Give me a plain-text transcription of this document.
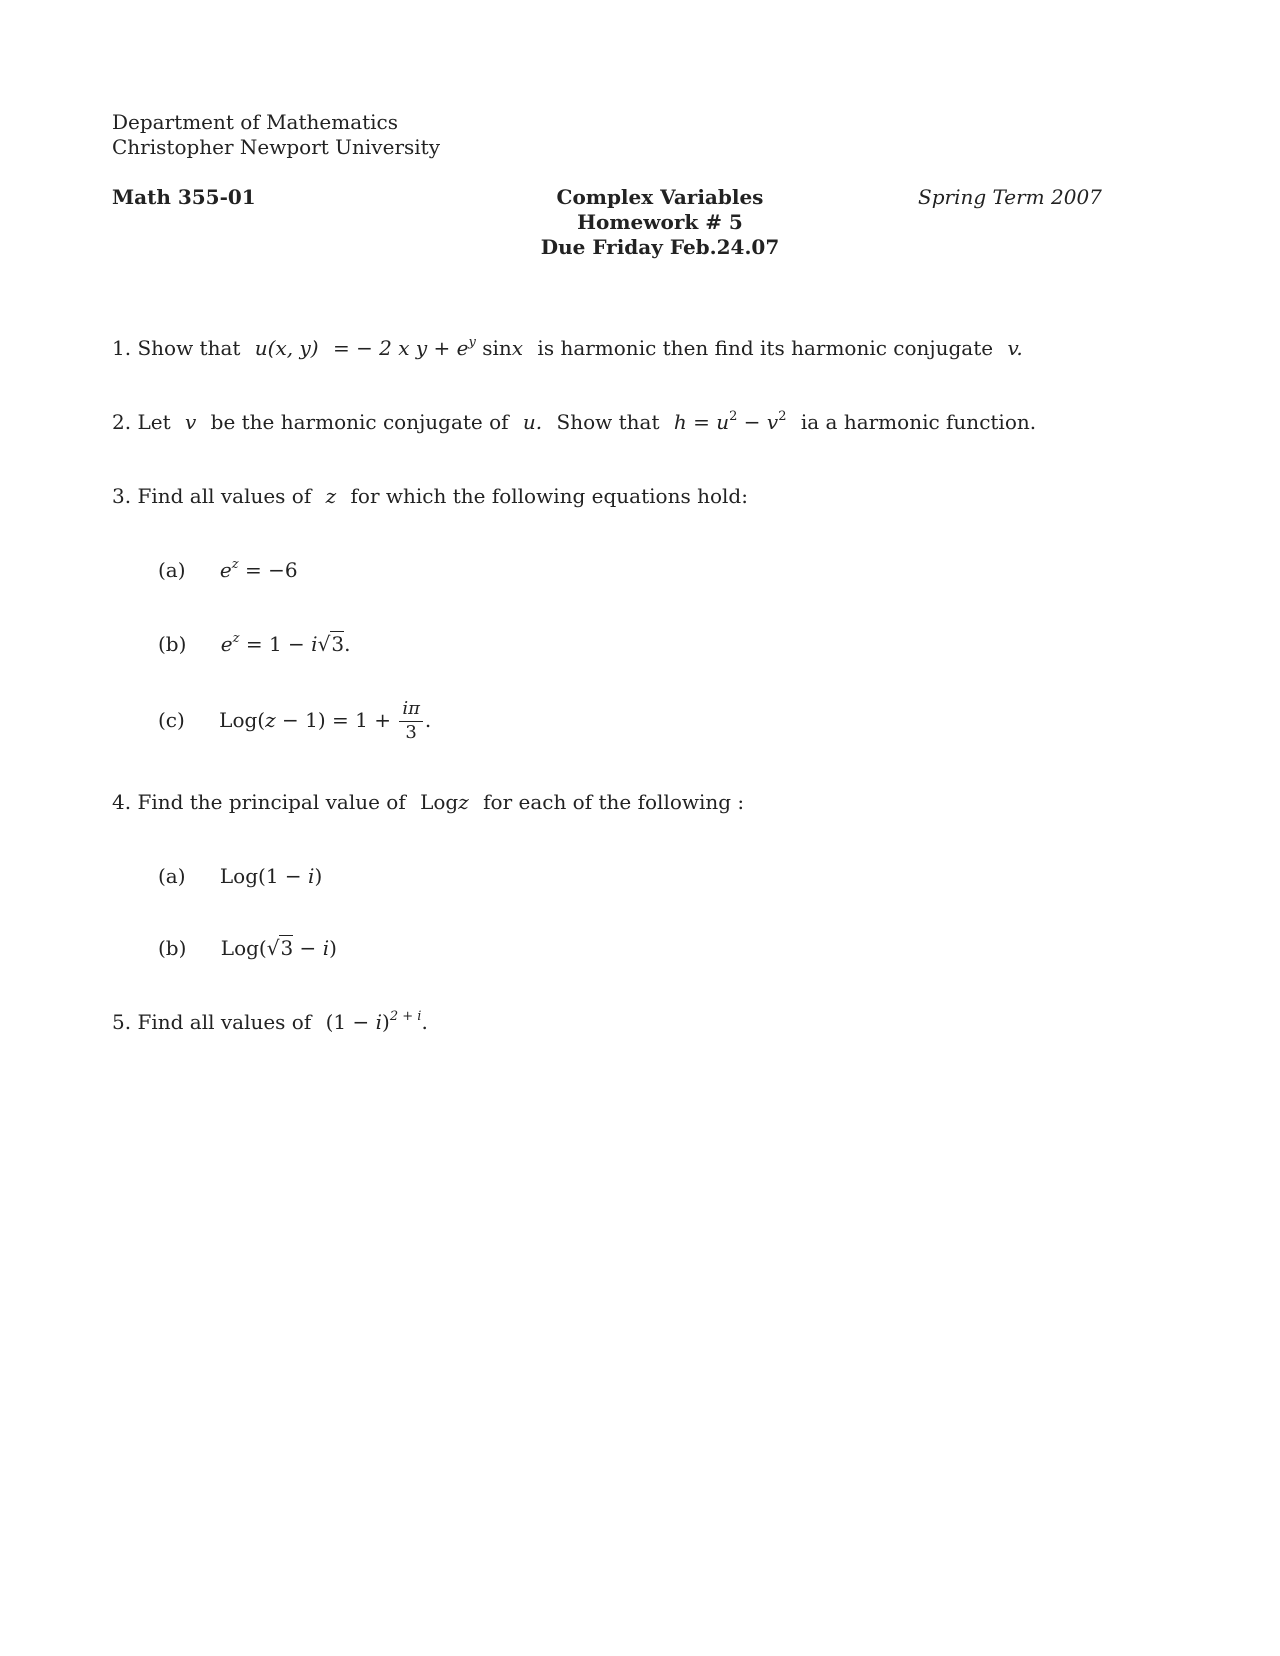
Department of Mathematics
Christopher Newport University
Math 355-01	Complex Variables
Homework # 5
Due Friday Feb.24.07
Spring Term 2007
1. Show that u(x, y) = − 2 x $y + e^y$ sinx is harmonic then find its harmonic conjugate v.
2. Let v be the harmonic conjugate of u. Show that $h = u^2 - v^2$ ia a harmonic function.
3. Find all values of z for which the following equations hold:
(a) $e^z = -6$
(b) $e^z = 1 - i√3$.
(c) $Log(z - 1) = 1 + \frac{i\pi}{3}$ .
4. Find the principal value of Logz for each of the following :
(a) Log(1 − i)
(b) Log(√3 − i)
5. Find all values of $(1 - i)^{2 + i}$.
